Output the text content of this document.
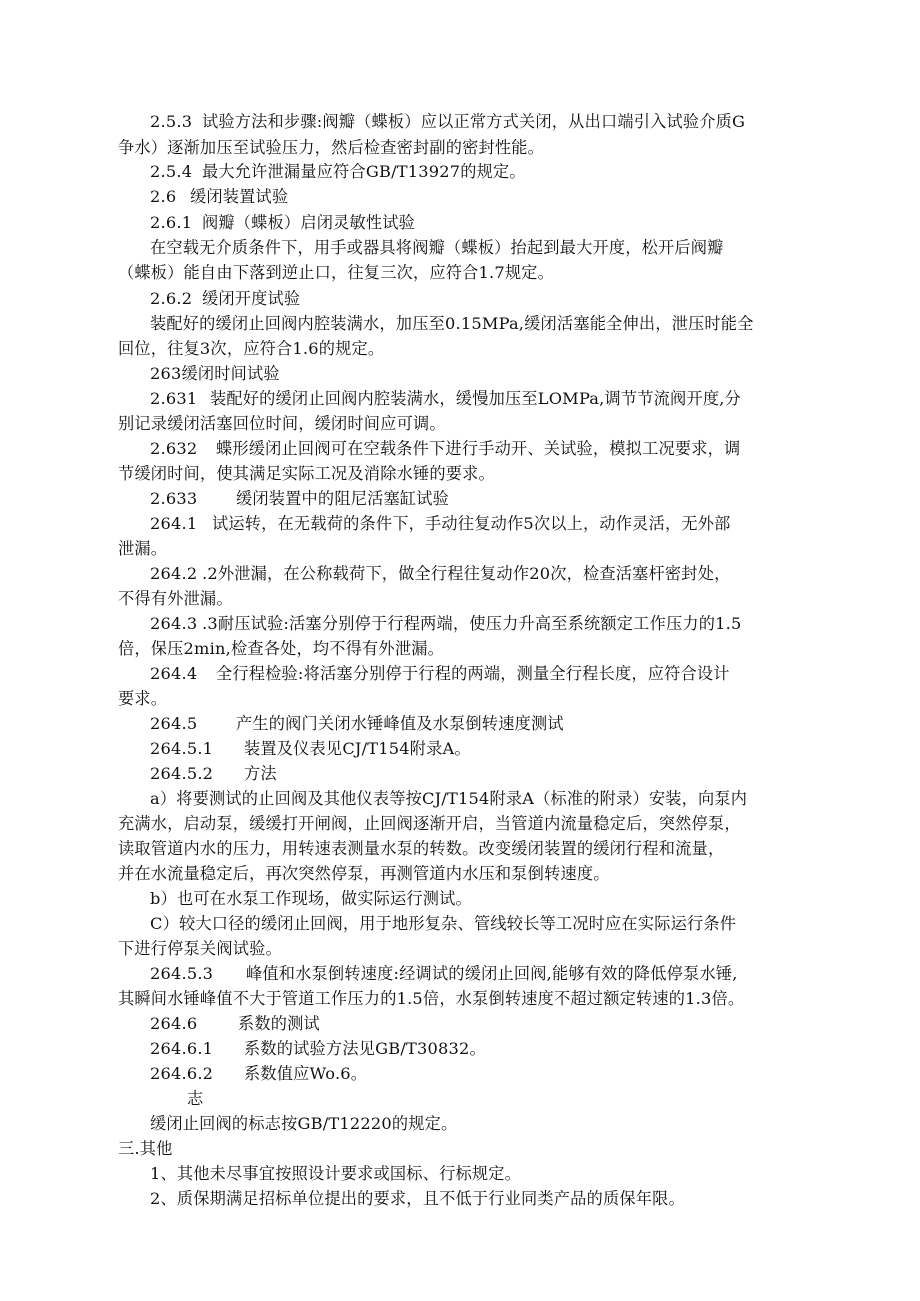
2.5.3 试验方法和步骤:阀瓣（蝶板）应以正常方式关闭，从出口端引入试验介质G
争水）逐渐加压至试验压力，然后检查密封副的密封性能。
2.5.4 最大允许泄漏量应符合GB/T13927的规定。
2.6 缓闭装置试验
2.6.1 阀瓣（蝶板）启闭灵敏性试验
在空载无介质条件下，用手或器具将阀瓣（蝶板）抬起到最大开度，松开后阀瓣
（蝶板）能自由下落到逆止口，往复三次，应符合1.7规定。
2.6.2 缓闭开度试验
装配好的缓闭止回阀内腔装满水，加压至0.15MPa,缓闭活塞能全伸出，泄压时能全
回位，往复3次，应符合1.6的规定。
263缓闭时间试验
2.631 装配好的缓闭止回阀内腔装满水，缓慢加压至LOMPa,调节节流阀开度,分
别记录缓闭活塞回位时间，缓闭时间应可调。
2.632 蝶形缓闭止回阀可在空载条件下进行手动开、关试验，模拟工况要求，调
节缓闭时间，使其满足实际工况及消除水锤的要求。
2.633 缓闭装置中的阻尼活塞缸试验
264.1 试运转，在无载荷的条件下，手动往复动作5次以上，动作灵活，无外部
泄漏。
264.2 .2外泄漏，在公称载荷下，做全行程往复动作20次，检查活塞杆密封处，
不得有外泄漏。
264.3 .3耐压试验:活塞分别停于行程两端，使压力升高至系统额定工作压力的1.5
倍，保压2min,检查各处，均不得有外泄漏。
264.4 全行程检验:将活塞分别停于行程的两端，测量全行程长度，应符合设计
要求。
264.5 产生的阀门关闭水锤峰值及水泵倒转速度测试
264.5.1 装置及仪表见CJ/T154附录A。
264.5.2 方法
a）将要测试的止回阀及其他仪表等按CJ/T154附录A（标准的附录）安装，向泵内
充满水，启动泵，缓缓打开闸阀，止回阀逐渐开启，当管道内流量稳定后，突然停泵，
读取管道内水的压力，用转速表测量水泵的转数。改变缓闭装置的缓闭行程和流量，
并在水流量稳定后，再次突然停泵，再测管道内水压和泵倒转速度。
b）也可在水泵工作现场，做实际运行测试。
C）较大口径的缓闭止回阀，用于地形复杂、管线较长等工况时应在实际运行条件
下进行停泵关阀试验。
264.5.3 峰值和水泵倒转速度:经调试的缓闭止回阀,能够有效的降低停泵水锤,
其瞬间水锤峰值不大于管道工作压力的1.5倍，水泵倒转速度不超过额定转速的1.3倍。
264.6	系数的测试
264.6.1 系数的试验方法见GB/T30832。
264.6.2 系数值应Wo.6。
志
缓闭止回阀的标志按GB/T12220的规定。
三.其他
1、其他未尽事宜按照设计要求或国标、行标规定。
2、质保期满足招标单位提出的要求，且不低于行业同类产品的质保年限。
